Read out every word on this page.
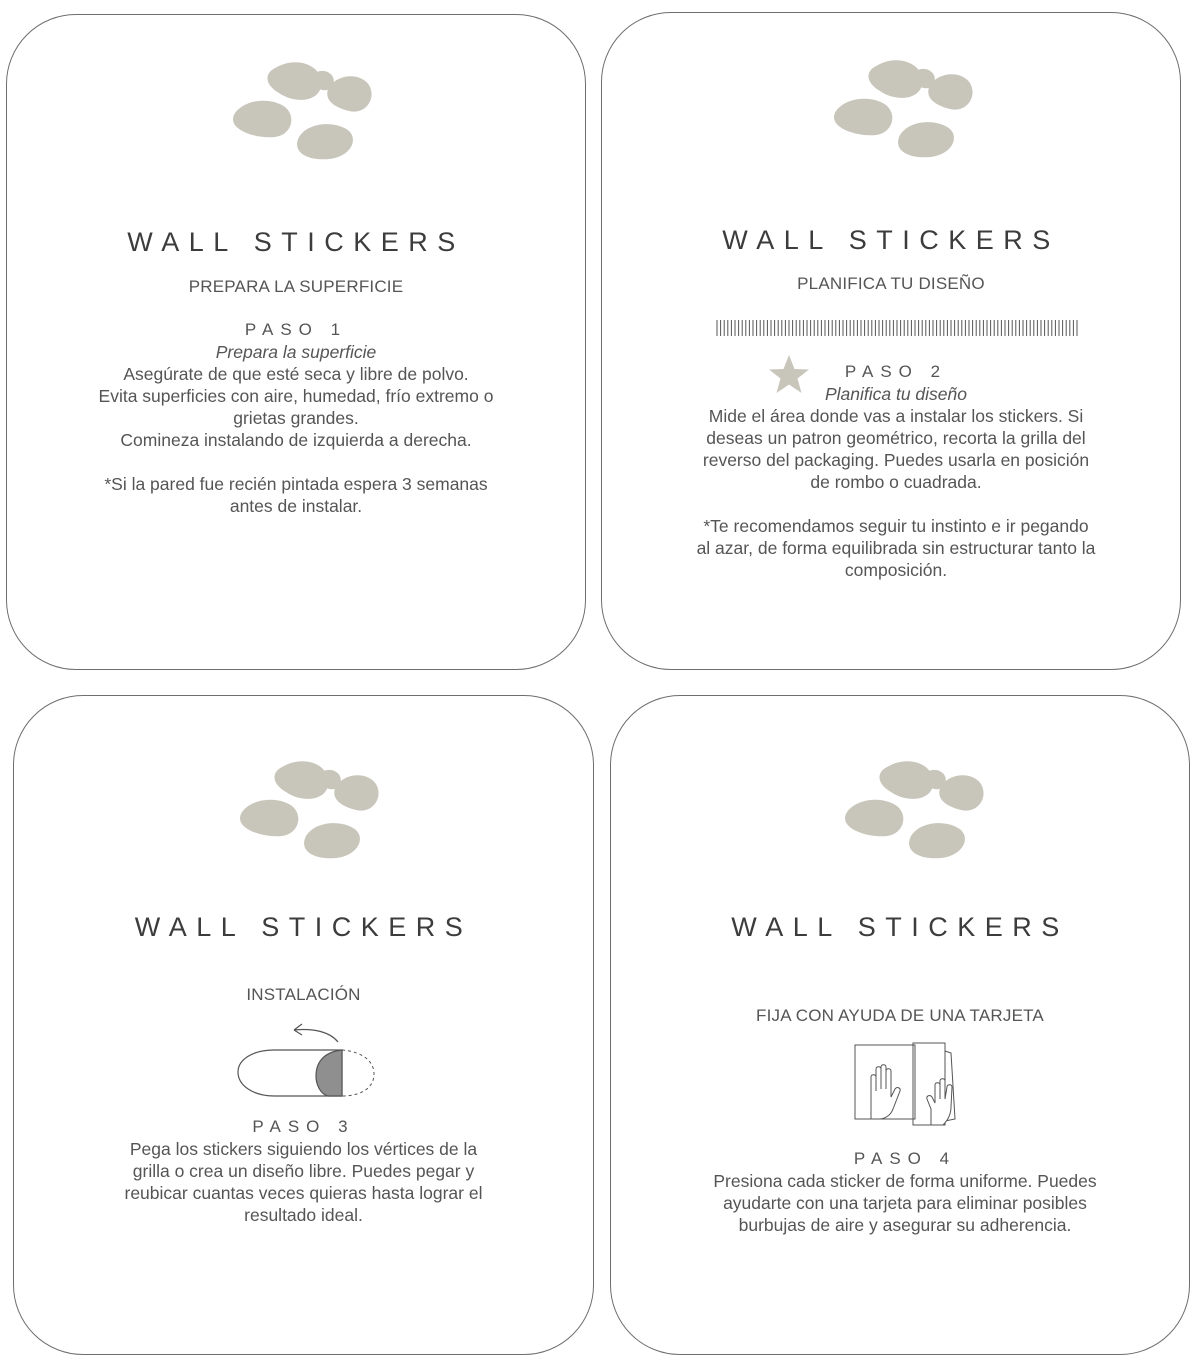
WALL STICKERS
PREPARA LA SUPERFICIE
PASO 1
Prepara la superficie
Asegúrate de que esté seca y libre de polvo.
Evita superficies con aire, humedad, frío extremo o
grietas grandes.
Comineza instalando de izquierda a derecha.
*Si la pared fue recién pintada espera 3 semanas
antes de instalar.
WALL STICKERS
PLANIFICA TU DISEÑO
PASO 2
Planifica tu diseño
Mide el área donde vas a instalar los stickers. Si
deseas un patron geométrico, recorta la grilla del
reverso del packaging. Puedes usarla en posición
de rombo o cuadrada.
*Te recomendamos seguir tu instinto e ir pegando
al azar, de forma equilibrada sin estructurar tanto la
composición.
WALL STICKERS
INSTALACIÓN
PASO 3
Pega los stickers siguiendo los vértices de la
grilla o crea un diseño libre. Puedes pegar y
reubicar cuantas veces quieras hasta lograr el
resultado ideal.
WALL STICKERS
FIJA CON AYUDA DE UNA TARJETA
PASO 4
Presiona cada sticker de forma uniforme. Puedes
ayudarte con una tarjeta para eliminar posibles
burbujas de aire y asegurar su adherencia.
